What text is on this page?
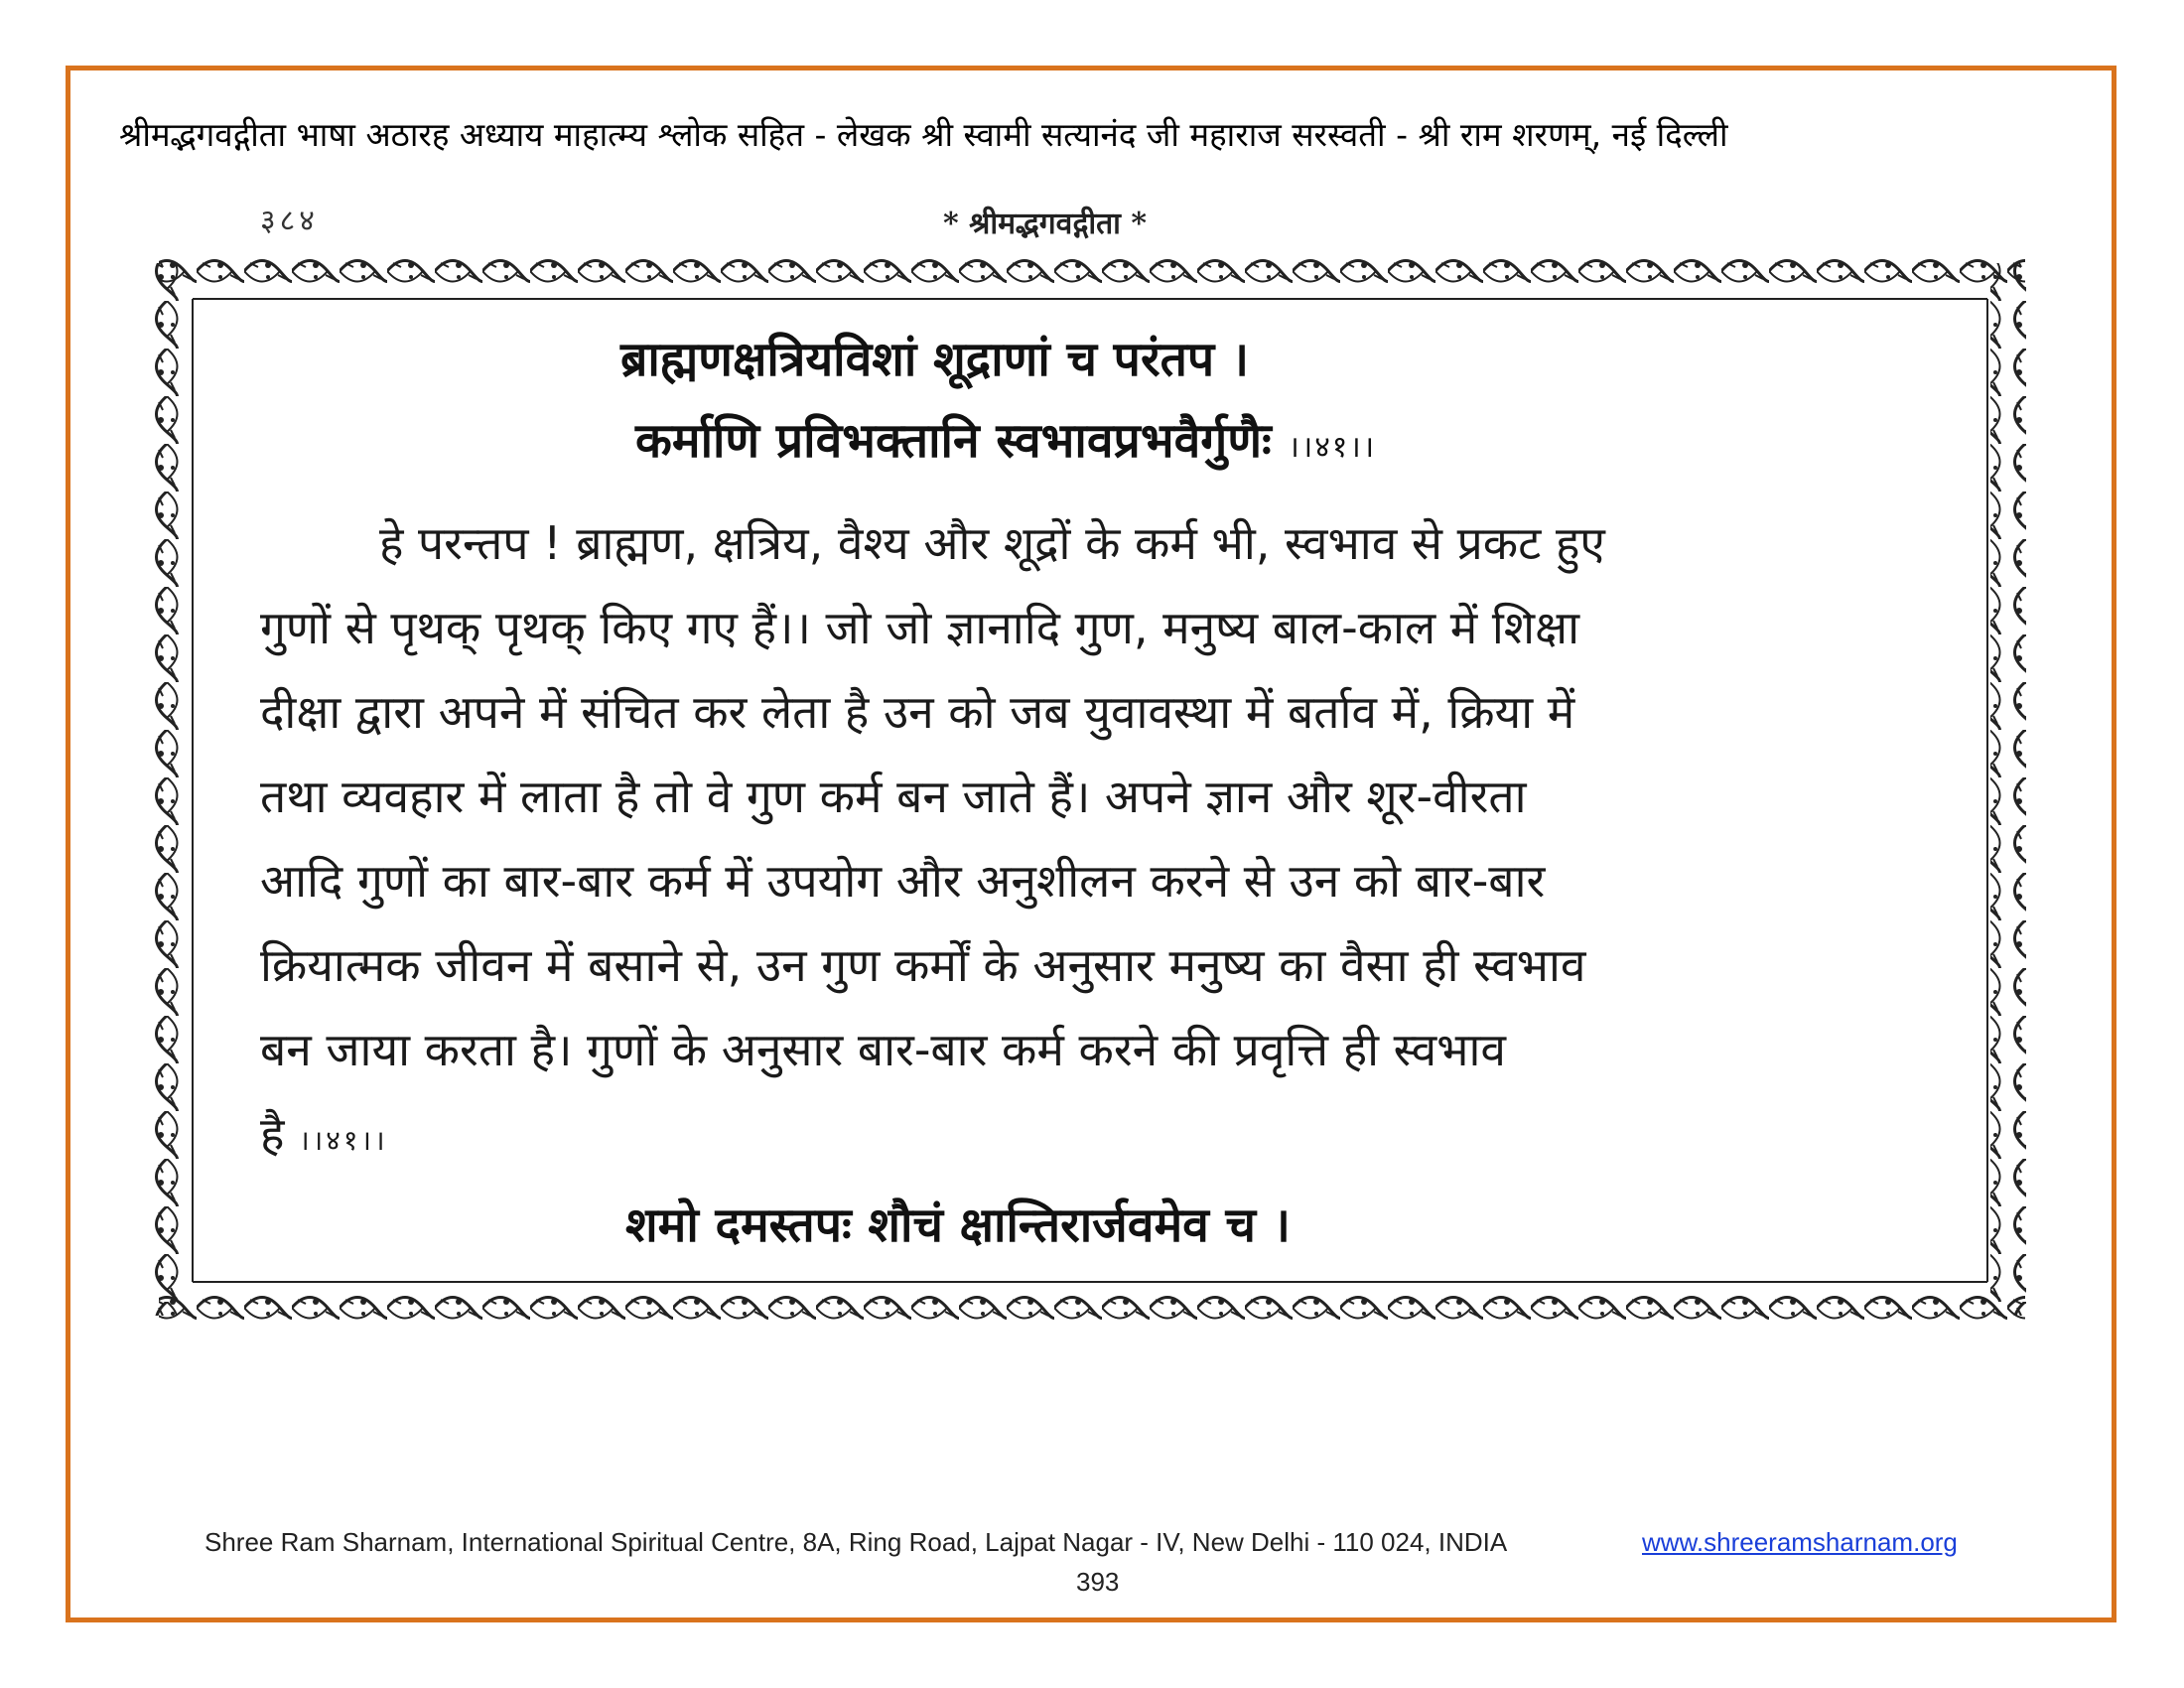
श्रीमद्भगवद्गीता भाषा अठारह अध्याय माहात्म्य श्लोक सहित - लेखक श्री स्वामी सत्यानंद जी महाराज सरस्वती - श्री राम शरणम्, नई दिल्ली
३८४	* श्रीमद्भगवद्गीता *
ब्राह्मणक्षत्रियविशां शूद्राणां च परंतप ।
कर्माणि प्रविभक्तानि स्वभावप्रभवैर्गुणैः ।।४१।।

हे परन्तप ! ब्राह्मण, क्षत्रिय, वैश्य और शूद्रों के कर्म भी, स्वभाव से प्रकट हुए
गुणों से पृथक् पृथक् किए गए हैं।। जो जो ज्ञानादि गुण, मनुष्य बाल-काल में शिक्षा
दीक्षा द्वारा अपने में संचित कर लेता है उन को जब युवावस्था में बर्ताव में, क्रिया में
तथा व्यवहार में लाता है तो वे गुण कर्म बन जाते हैं। अपने ज्ञान और शूर-वीरता
आदि गुणों का बार-बार कर्म में उपयोग और अनुशीलन करने से उन को बार-बार
क्रियात्मक जीवन में बसाने से, उन गुण कर्मों के अनुसार मनुष्य का वैसा ही स्वभाव
बन जाया करता है। गुणों के अनुसार बार-बार कर्म करने की प्रवृत्ति ही स्वभाव
है ।।४१।।

शमो दमस्तपः शौचं क्षान्तिरार्जवमेव च ।
Shree Ram Sharnam, International Spiritual Centre, 8A, Ring Road, Lajpat Nagar - IV, New Delhi - 110 024, INDIA	www.shreeramsharnam.org
393
